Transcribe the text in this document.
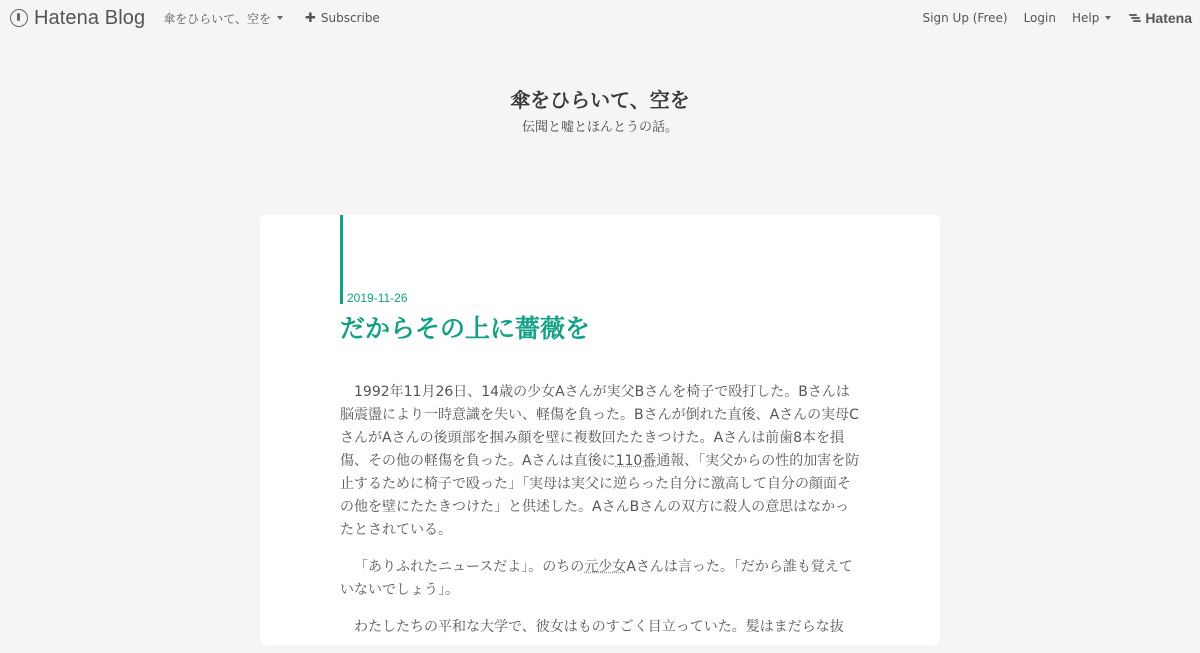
Hatena Blog 傘をひらいて、空を	✚ Subscribe	Sign Up (Free) Login Help	Hatena
傘をひらいて、空を
伝聞と嘘とほんとうの話。
2019-11-26
だからその上に薔薇を

1992年11月26日、14歳の少女Aさんが実父Bさんを椅子で殴打した。Bさんは脳震盪により一時意識を失い、軽傷を負った。Bさんが倒れた直後、Aさんの実母CさんがAさんの後頭部を掴み顔を壁に複数回たたきつけた。Aさんは前歯8本を損傷、その他の軽傷を負った。Aさんは直後に110番通報、「実父からの性的加害を防止するために椅子で殴った」「実母は実父に逆らった自分に激高して自分の顔面その他を壁にたたきつけた」と供述した。AさんBさんの双方に殺人の意思はなかったとされている。

「ありふれたニュースだよ」。のちの元少女Aさんは言った。「だから誰も覚えていないでしょう」。

わたしたちの平和な大学で、彼女はものすごく目立っていた。髪はまだらな抜
